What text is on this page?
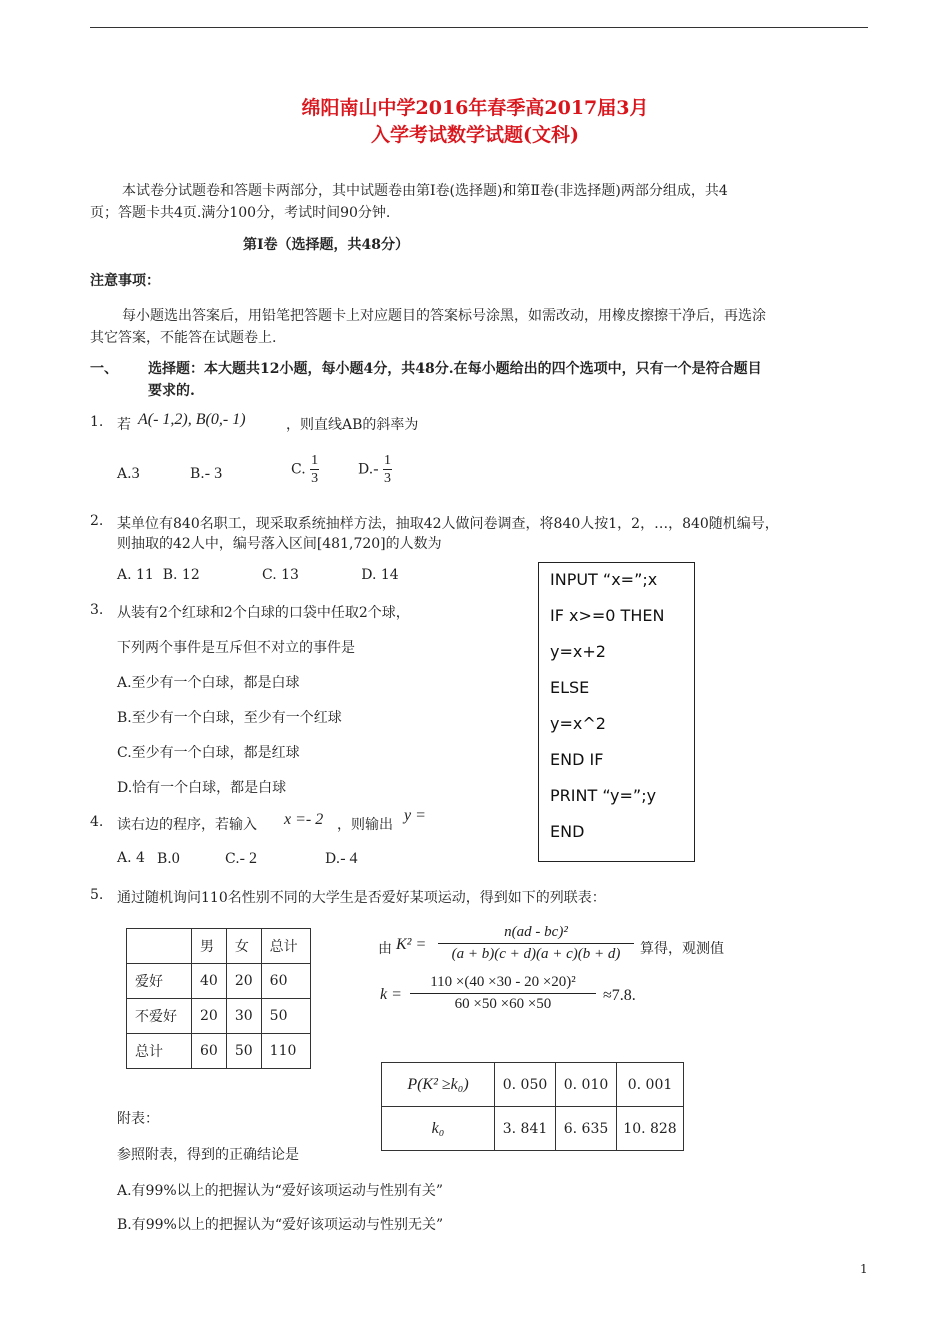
绵阳南山中学2016年春季高2017届3月
入学考试数学试题(文科)
本试卷分试题卷和答题卡两部分，其中试题卷由第Ⅰ卷(选择题)和第Ⅱ卷(非选择题)两部分组成，共4
页；答题卡共4页.满分100分，考试时间90分钟.
第Ⅰ卷（选择题，共48分）
注意事项：
每小题选出答案后，用铅笔把答题卡上对应题目的答案标号涂黑，如需改动，用橡皮擦擦干净后，再选涂
其它答案，不能答在试题卷上.
一、 选择题：本大题共12小题，每小题4分，共48分.在每小题给出的四个选项中，只有一个是符合题目
要求的.
1. 若 A(- 1,2), B(0,- 1)	，则直线AB的斜率为
A.3	B.- 3	C. $\frac{1}{3}$	$D.- \frac{1}{3}$
2. 某单位有840名职工，现采取系统抽样方法，抽取42人做问卷调查，将840人按1，2，…，840随机编号，
则抽取的42人中，编号落入区间[481,720]的人数为
A. 11  B. 12              C. 13              D. 14	INPUT “x=”;x
IF x>=0 THEN
y=x+2
ELSE
y=x^2
END IF
PRINT “y=”;y
END
3. 从装有2个红球和2个白球的口袋中任取2个球，
下列两个事件是互斥但不对立的事件是
A.至少有一个白球，都是白球
B.至少有一个白球，至少有一个红球
C.至少有一个白球，都是红球
D.恰有一个白球，都是白球
4. 读右边的程序，若输入 x =- 2 ，则输出
y =
A. 4 B.0	C.- 2	D.- 4
5. 通过随机询问110名性别不同的大学生是否爱好某项运动，得到如下的列联表：
	男	女	总计
爱好	40	20	60
不爱好	20	30	50
总计	60	50	110
由 $K^2 = \frac{\text{n(ad - bc)²}}{(a + b)(c + d)(a + c)(b + d)}$ 算得，观测值
$k = \frac{\text{110 ×(40 ×30 - 20 ×20)²}}{60 \times 50 \times 60 \times 50} \approx 7.8$.
P(K² ≥k₀)	0. 050	0. 010	0. 001
k₀	3. 841	6. 635	10. 828
附表：
参照附表，得到的正确结论是
A.有99%以上的把握认为“爱好该项运动与性别有关”
B.有99%以上的把握认为“爱好该项运动与性别无关”
1
